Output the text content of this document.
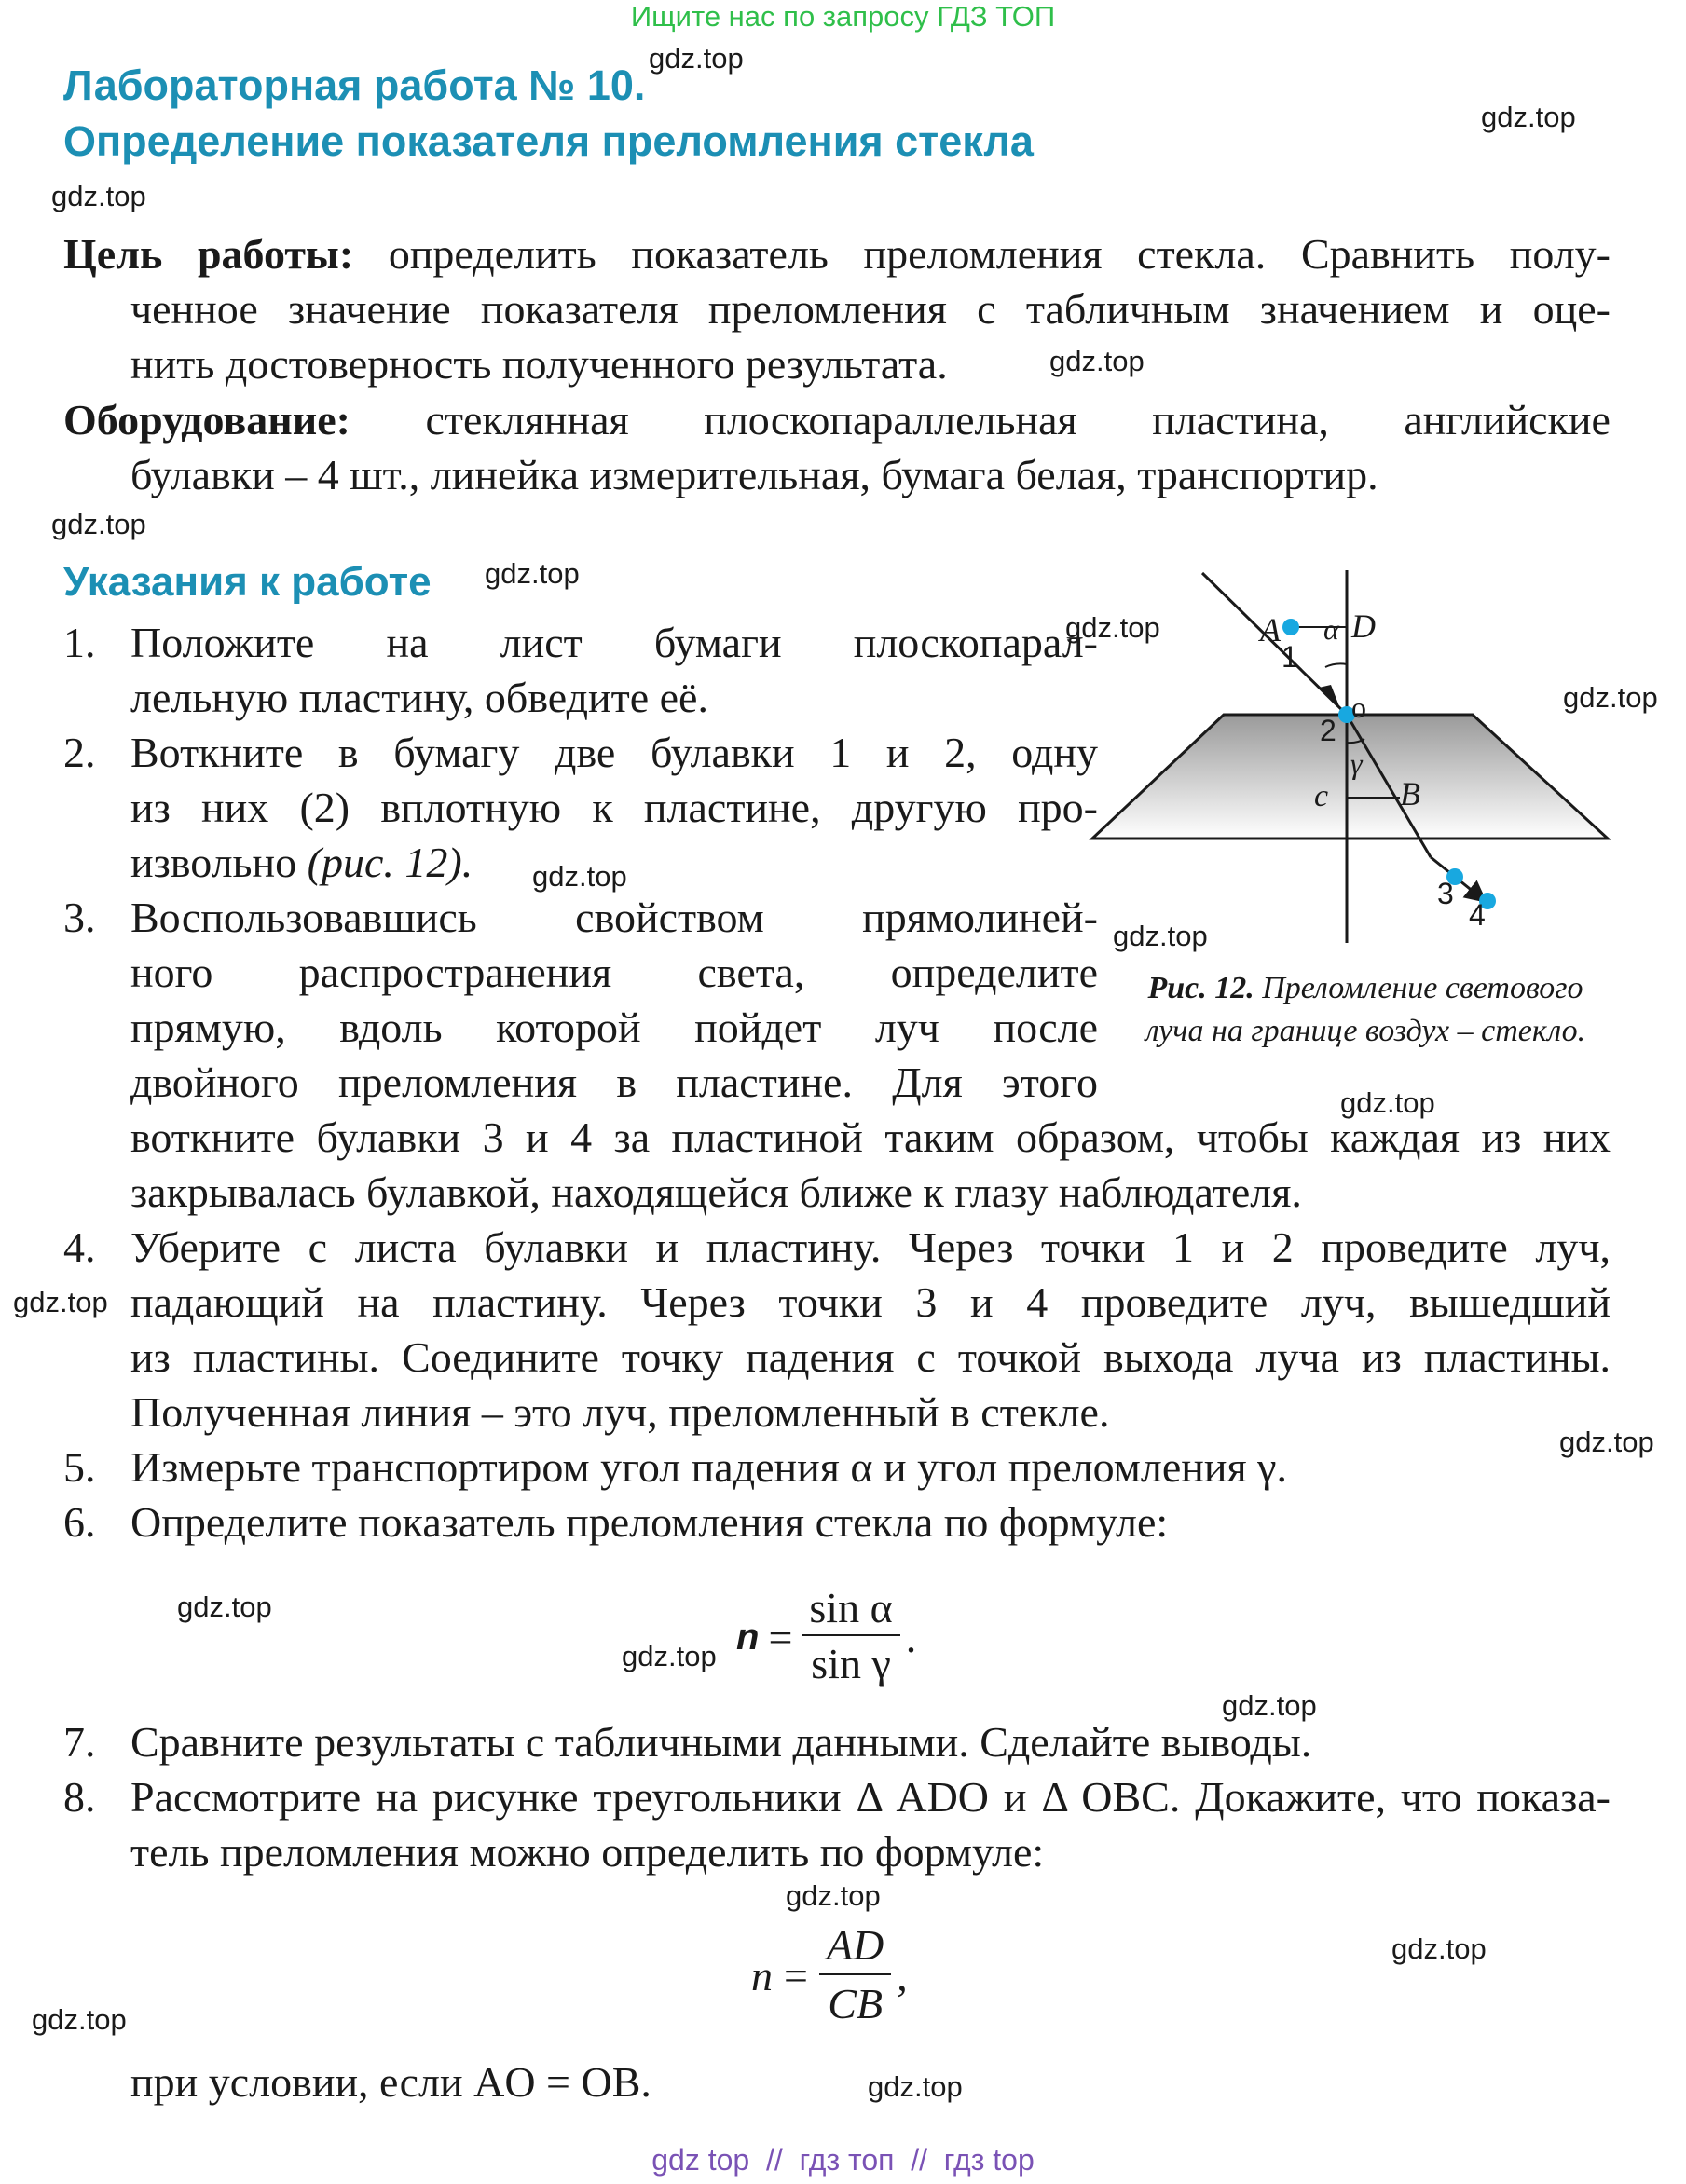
Ищите нас по запросу ГДЗ ТОП
Лабораторная работа № 10.
Определение показателя преломления стекла
Цель работы: определить показатель преломления стекла. Сравнить полу-
ченное значение показателя преломления с табличным значением и оце-
нить достоверность полученного результата.
Оборудование: стеклянная плоскопараллельная пластина, английские
булавки – 4 шт., линейка измерительная, бумага белая, транспортир.
Указания к работе
1. Положите на лист бумаги плоскопарал-
лельную пластину, обведите её.
2. Воткните в бумагу две булавки 1 и 2, одну
из них (2) вплотную к пластине, другую про-
извольно (рис. 12).
3. Воспользовавшись свойством прямолиней-
ного распространения света, определите
прямую, вдоль которой пойдет луч после
двойного преломления в пластине. Для этого
воткните булавки 3 и 4 за пластиной таким образом, чтобы каждая из них
закрывалась булавкой, находящейся ближе к глазу наблюдателя.
4. Уберите с листа булавки и пластину. Через точки 1 и 2 проведите луч,
падающий на пластину. Через точки 3 и 4 проведите луч, вышедший
из пластины. Соедините точку падения с точкой выхода луча из пластины.
Полученная линия – это луч, преломленный в стекле.
5. Измерьте транспортиром угол падения α и угол преломления γ.
6. Определите показатель преломления стекла по формуле:
7. Сравните результаты с табличными данными. Сделайте выводы.
8. Рассмотрите на рисунке треугольники Δ ADO и Δ OBC. Докажите, что показа-
тель преломления можно определить по формуле:
$n = \frac{\text{sin α}}{\text{sin γ}}$ .
$n = \frac{AD}{CB}$ ,
при условии, если AO = OB.
A D
α
o
γ
c B
1
2
3
4
Рис. 12. Преломление светового
луча на границе воздух – стекло.
gdz.top
gdz.top
gdz.top
gdz.top
gdz.top
gdz.top
gdz.top
gdz.top
gdz.top
gdz.top
gdz.top
gdz.top
gdz.top
gdz.top
gdz.top
gdz.top
gdz.top
gdz.top
gdz.top
gdz.top
gdz top  //  гдз топ  //  гдз top
